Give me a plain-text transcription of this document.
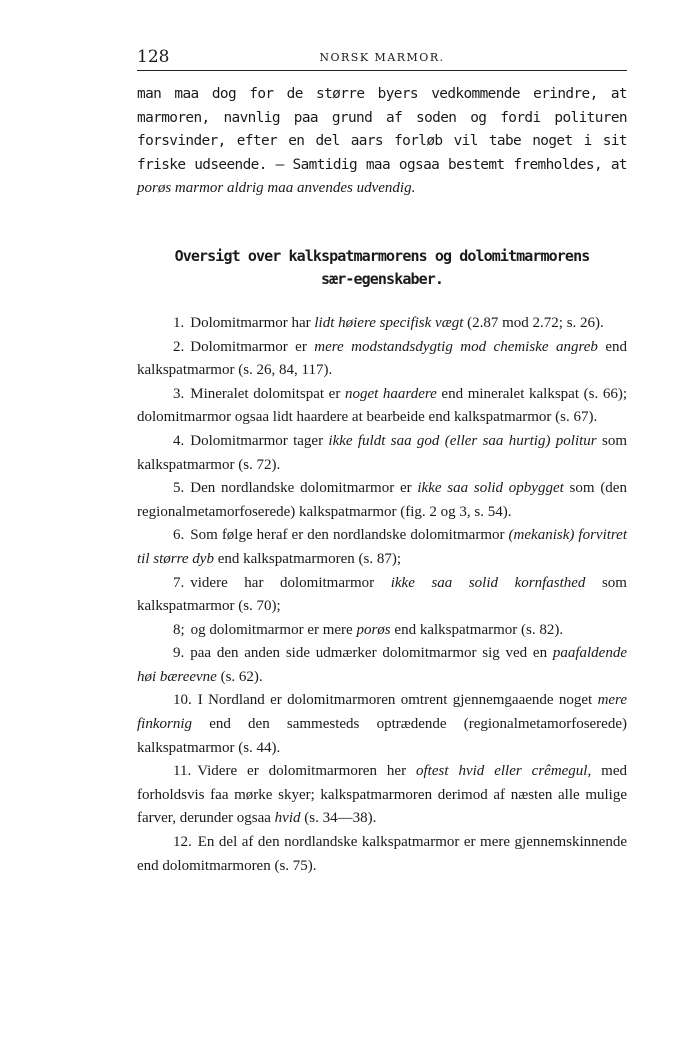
128	NORSK MARMOR.

man maa dog for de større byers vedkommende erindre, at marmoren, navnlig paa grund af soden og fordi polituren forsvinder, efter en del aars forløb vil tabe noget i sit friske udseende. — Samtidig maa ogsaa bestemt fremholdes, at porøs marmor aldrig maa anvendes udvendig.

Oversigt over kalkspatmarmorens og dolomitmarmorens
sær-egenskaber.
1. Dolomitmarmor har lidt høiere specifisk vægt (2.87 mod 2.72; s. 26).
2. Dolomitmarmor er mere modstandsdygtig mod chemiske angreb end kalkspatmarmor (s. 26, 84, 117).
3. Mineralet dolomitspat er noget haardere end mineralet kalkspat (s. 66); dolomitmarmor ogsaa lidt haardere at bearbeide end kalkspatmarmor (s. 67).
4. Dolomitmarmor tager ikke fuldt saa god (eller saa hurtig) politur som kalkspatmarmor (s. 72).
5. Den nordlandske dolomitmarmor er ikke saa solid opbygget som (den regionalmetamorfoserede) kalkspatmarmor (fig. 2 og 3, s. 54).
6. Som følge heraf er den nordlandske dolomitmarmor (mekanisk) forvitret til større dyb end kalkspatmarmoren (s. 87);
7. videre har dolomitmarmor ikke saa solid kornfasthed som kalkspatmarmor (s. 70);
8; og dolomitmarmor er mere porøs end kalkspatmarmor (s. 82).
9. paa den anden side udmærker dolomitmarmor sig ved en paafaldende høi bæreevne (s. 62).
10. I Nordland er dolomitmarmoren omtrent gjennemgaaende noget mere finkornig end den sammesteds optrædende (regionalmetamorfoserede) kalkspatmarmor (s. 44).
11. Videre er dolomitmarmoren her oftest hvid eller crêmegul, med forholdsvis faa mørke skyer; kalkspatmarmoren derimod af næsten alle mulige farver, derunder ogsaa hvid (s. 34—38).
12. En del af den nordlandske kalkspatmarmor er mere gjennemskinnende end dolomitmarmoren (s. 75).
